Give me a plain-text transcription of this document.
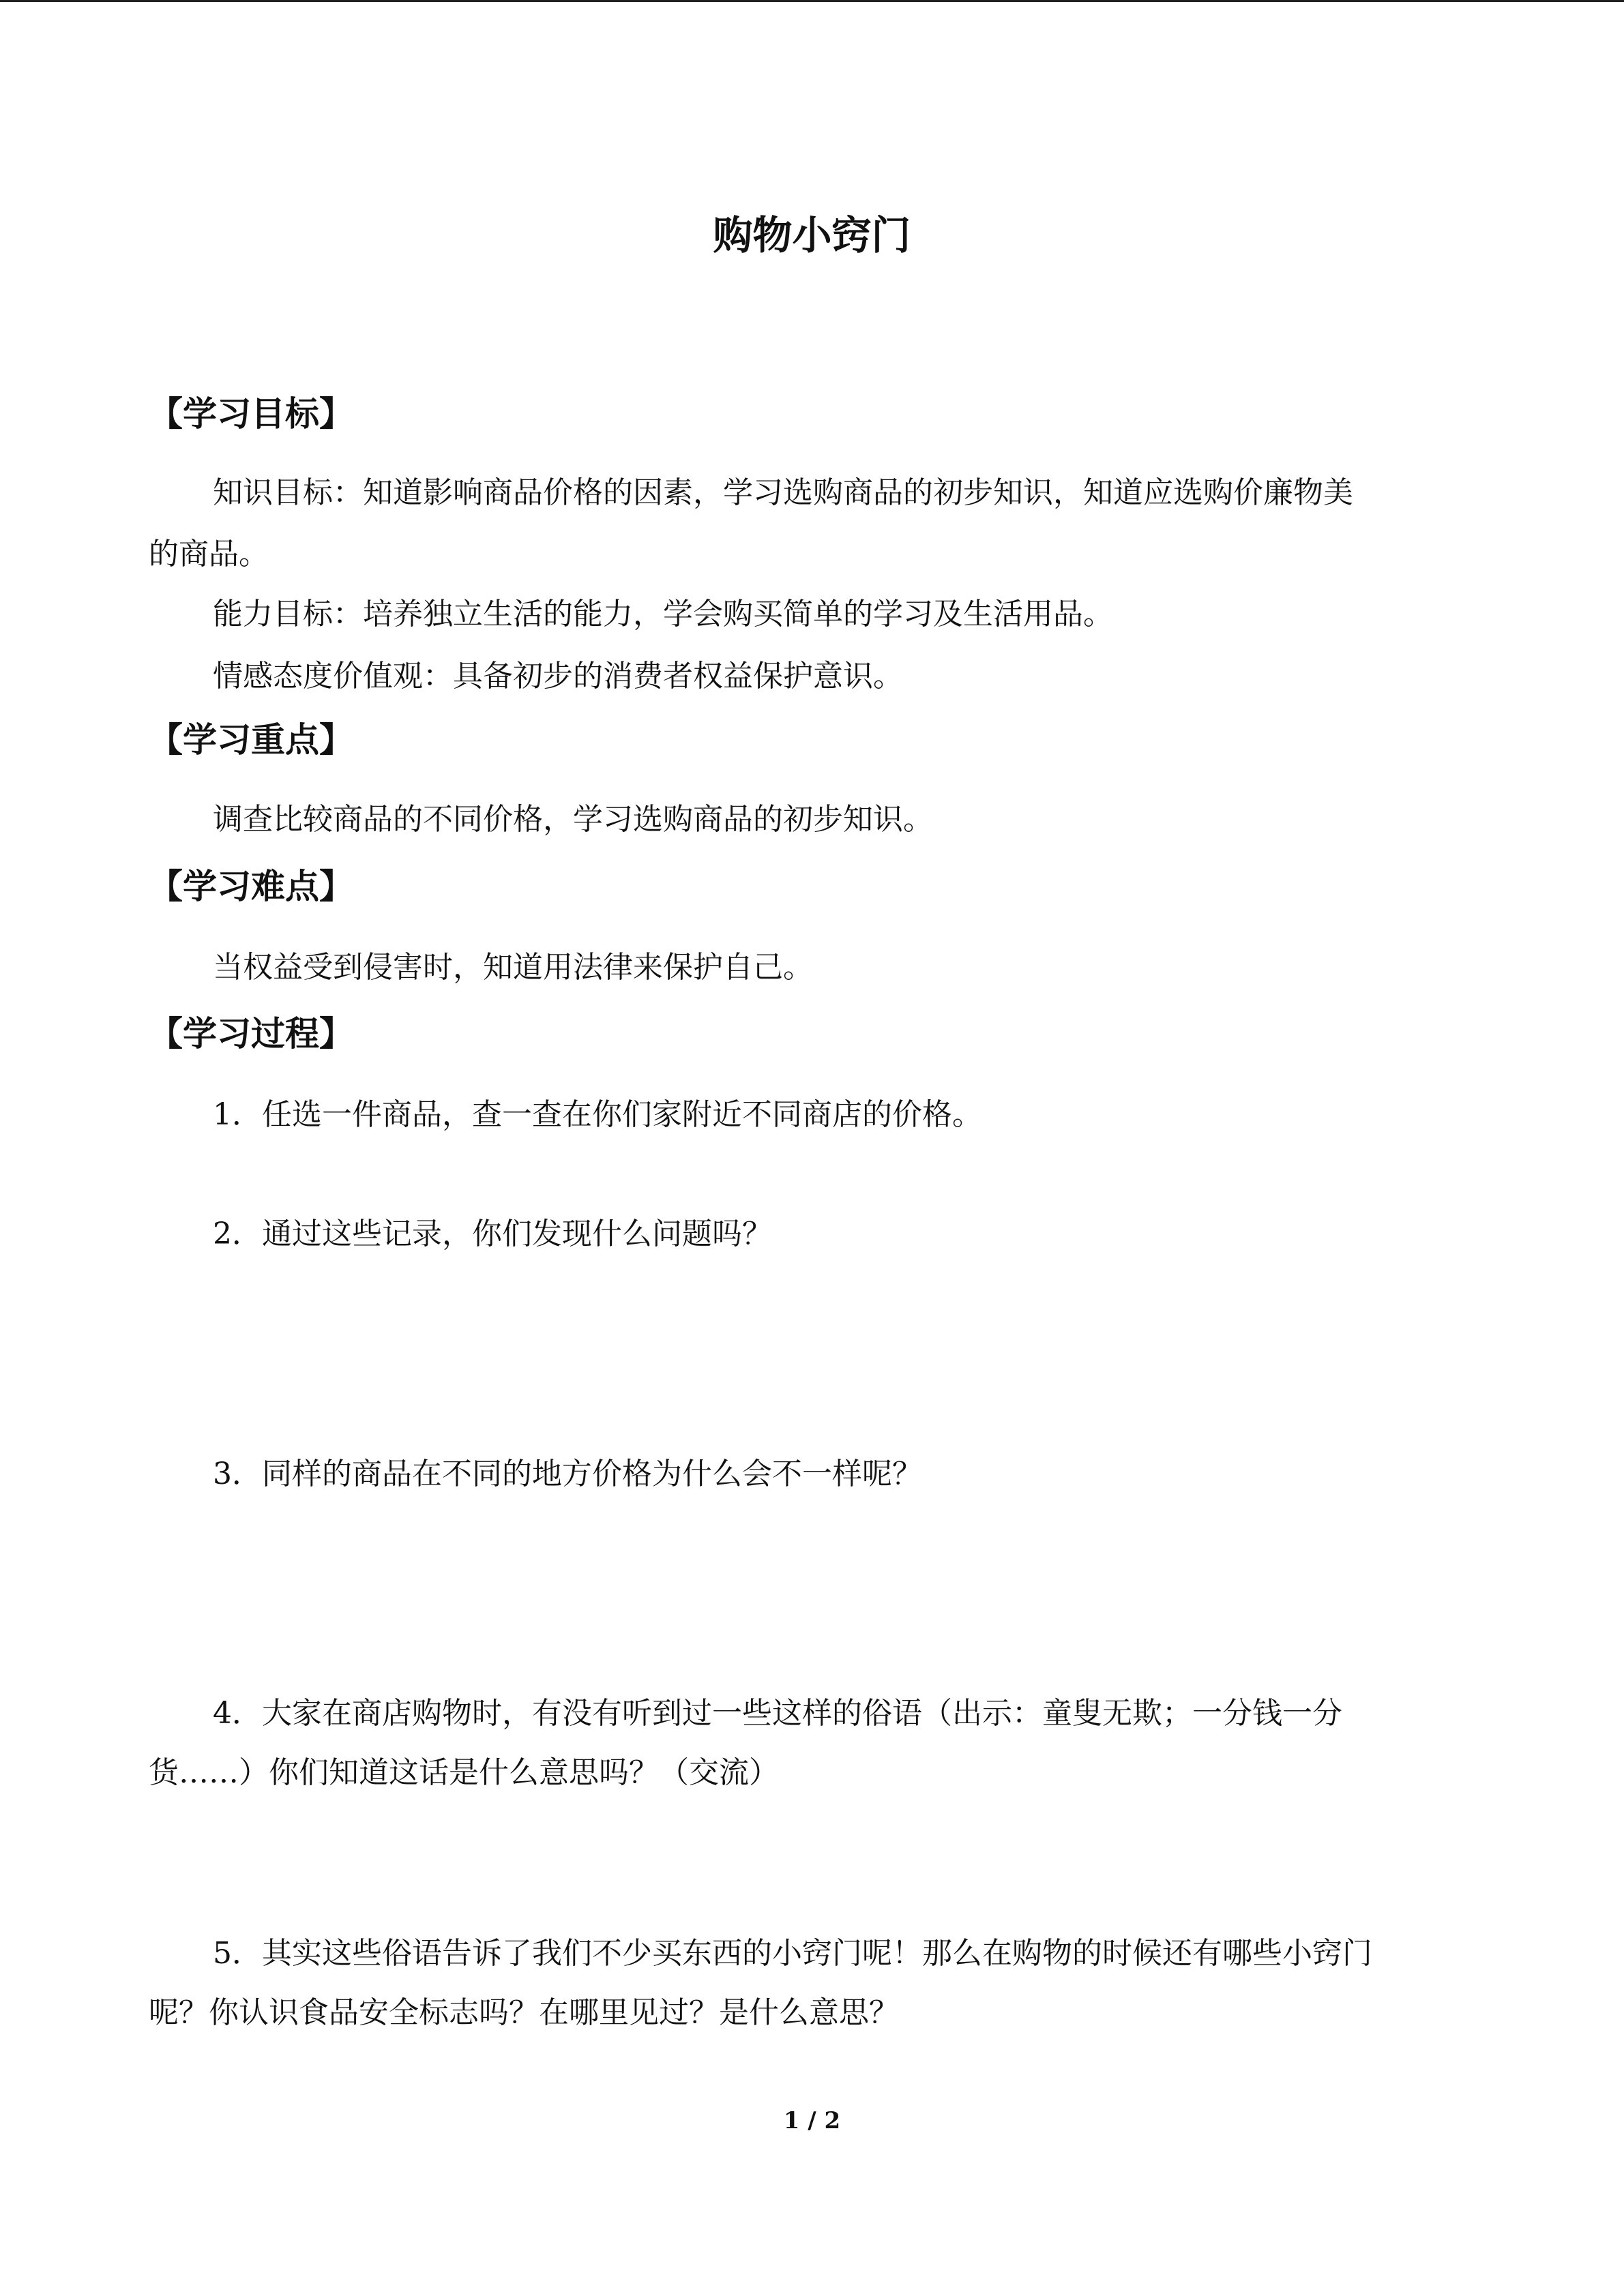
购物小窍门
【学习目标】
知识目标：知道影响商品价格的因素，学习选购商品的初步知识，知道应选购价廉物美
的商品。
能力目标：培养独立生活的能力，学会购买简单的学习及生活用品。
情感态度价值观：具备初步的消费者权益保护意识。
【学习重点】
调查比较商品的不同价格，学习选购商品的初步知识。
【学习难点】
当权益受到侵害时，知道用法律来保护自己。
【学习过程】
1．任选一件商品，查一查在你们家附近不同商店的价格。
2．通过这些记录，你们发现什么问题吗？
3．同样的商品在不同的地方价格为什么会不一样呢？
4．大家在商店购物时，有没有听到过一些这样的俗语（出示：童叟无欺；一分钱一分
货……）你们知道这话是什么意思吗？（交流）
5．其实这些俗语告诉了我们不少买东西的小窍门呢！那么在购物的时候还有哪些小窍门
呢？你认识食品安全标志吗？在哪里见过？是什么意思？
1 / 2
